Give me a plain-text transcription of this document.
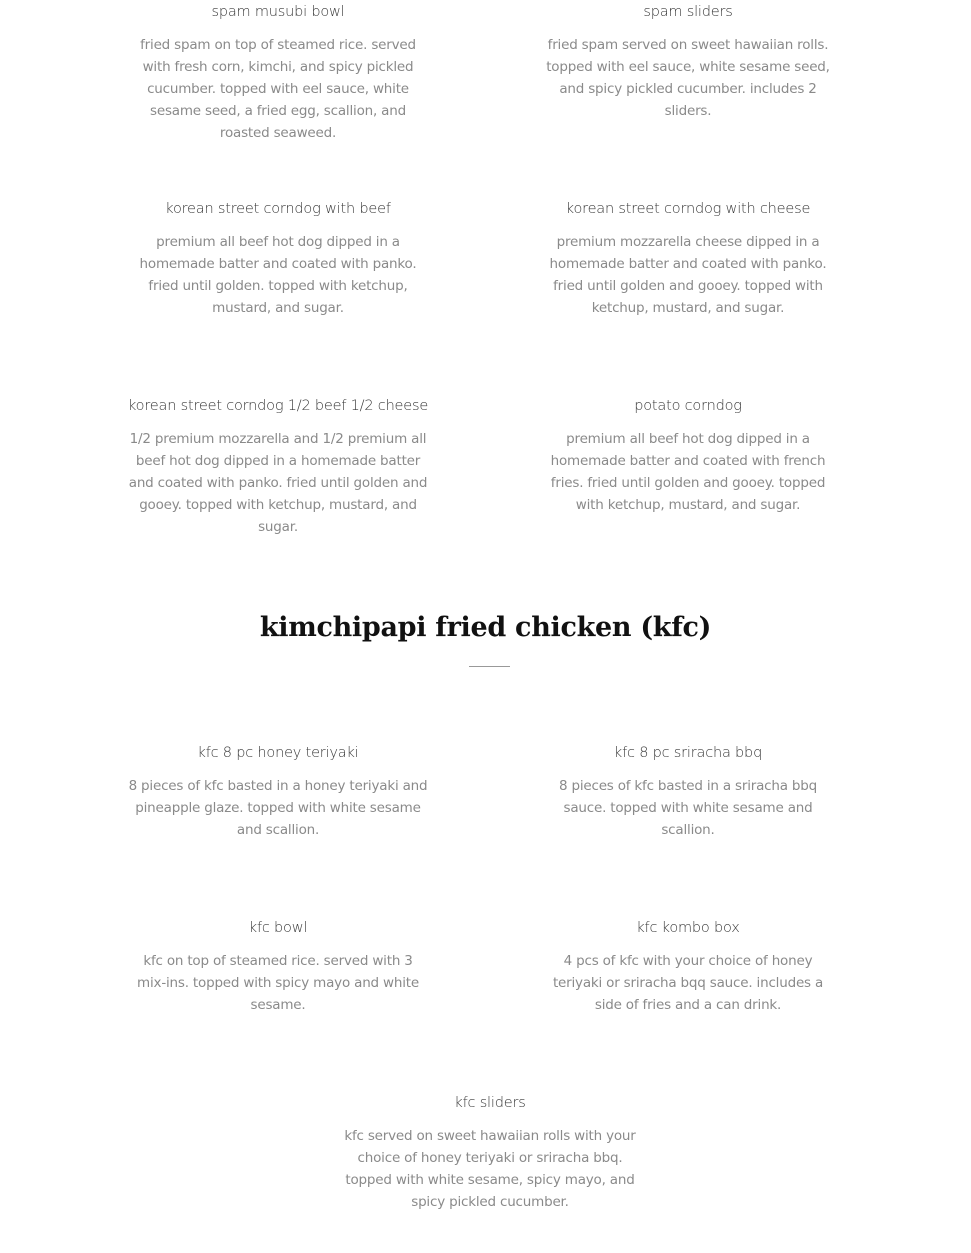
spam musubi bowl

fried spam on top of steamed rice. served with fresh corn, kimchi, and spicy pickled cucumber. topped with eel sauce, white sesame seed, a fried egg, scallion, and roasted seaweed.

spam sliders

fried spam served on sweet hawaiian rolls. topped with eel sauce, white sesame seed, and spicy pickled cucumber. includes 2 sliders.

korean street corndog with beef

premium all beef hot dog dipped in a homemade batter and coated with panko. fried until golden. topped with ketchup, mustard, and sugar.

korean street corndog with cheese

premium mozzarella cheese dipped in a homemade batter and coated with panko. fried until golden and gooey. topped with ketchup, mustard, and sugar.

korean street corndog 1/2 beef 1/2 cheese

1/2 premium mozzarella and 1/2 premium all beef hot dog dipped in a homemade batter and coated with panko. fried until golden and gooey. topped with ketchup, mustard, and sugar.

potato corndog

premium all beef hot dog dipped in a homemade batter and coated with french fries. fried until golden and gooey. topped with ketchup, mustard, and sugar.

kimchipapi fried chicken (kfc)

kfc 8 pc honey teriyaki

8 pieces of kfc basted in a honey teriyaki and pineapple glaze. topped with white sesame and scallion.

kfc 8 pc sriracha bbq

8 pieces of kfc basted in a sriracha bbq sauce. topped with white sesame and scallion.

kfc bowl

kfc on top of steamed rice. served with 3 mix-ins. topped with spicy mayo and white sesame.

kfc kombo box

4 pcs of kfc with your choice of honey teriyaki or sriracha bqq sauce. includes a side of fries and a can drink.

kfc sliders

kfc served on sweet hawaiian rolls with your choice of honey teriyaki or sriracha bbq. topped with white sesame, spicy mayo, and spicy pickled cucumber.
